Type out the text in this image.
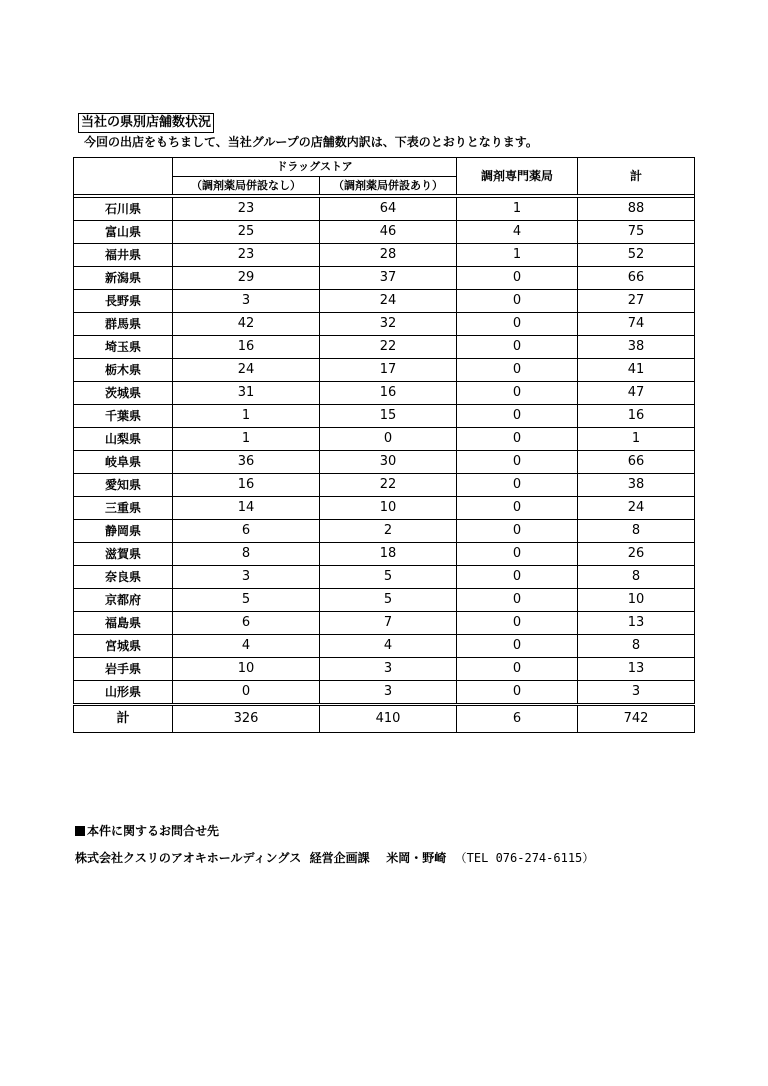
当社の県別店舗数状況
今回の出店をもちまして、当社グループの店舗数内訳は、下表のとおりとなります。
	ドラッグストア		調剤専門薬局	計
	（調剤薬局併設なし）	（調剤薬局併設あり）		

石川県	23	64	1	88
富山県	25	46	4	75
福井県	23	28	1	52
新潟県	29	37	0	66
長野県	3	24	0	27
群馬県	42	32	0	74
埼玉県	16	22	0	38
栃木県	24	17	0	41
茨城県	31	16	0	47
千葉県	1	15	0	16
山梨県	1	0	0	1
岐阜県	36	30	0	66
愛知県	16	22	0	38
三重県	14	10	0	24
静岡県	6	2	0	8
滋賀県	8	18	0	26
奈良県	3	5	0	8
京都府	5	5	0	10
福島県	6	7	0	13
宮城県	4	4	0	8
岩手県	10	3	0	13
山形県	0	3	0	3
計	326	410	6	742
本件に関するお問合せ先
株式会社クスリのアオキホールディングス 経営企画課 米岡・野崎 （TEL 076-274-6115）
